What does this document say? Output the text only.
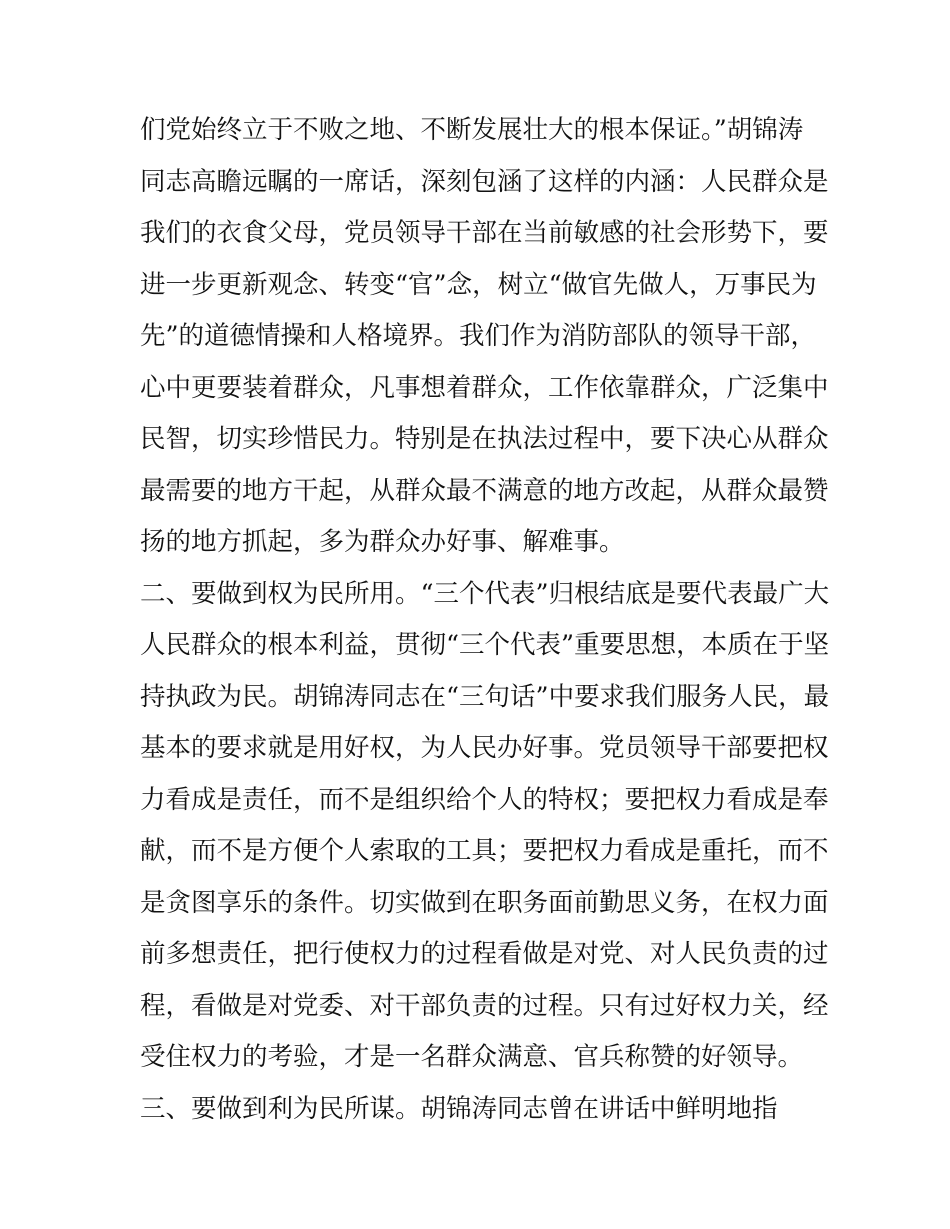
们党始终立于不败之地、不断发展壮大的根本保证。”胡锦涛
同志高瞻远瞩的一席话，深刻包涵了这样的内涵：人民群众是
我们的衣食父母，党员领导干部在当前敏感的社会形势下，要
进一步更新观念、转变“官”念，树立“做官先做人，万事民为
先”的道德情操和人格境界。我们作为消防部队的领导干部，
心中更要装着群众，凡事想着群众，工作依靠群众，广泛集中
民智，切实珍惜民力。特别是在执法过程中，要下决心从群众
最需要的地方干起，从群众最不满意的地方改起，从群众最赞
扬的地方抓起，多为群众办好事、解难事。
二、要做到权为民所用。“三个代表”归根结底是要代表最广大
人民群众的根本利益，贯彻“三个代表”重要思想，本质在于坚
持执政为民。胡锦涛同志在“三句话”中要求我们服务人民，最
基本的要求就是用好权，为人民办好事。党员领导干部要把权
力看成是责任，而不是组织给个人的特权；要把权力看成是奉
献，而不是方便个人索取的工具；要把权力看成是重托，而不
是贪图享乐的条件。切实做到在职务面前勤思义务，在权力面
前多想责任，把行使权力的过程看做是对党、对人民负责的过
程，看做是对党委、对干部负责的过程。只有过好权力关，经
受住权力的考验，才是一名群众满意、官兵称赞的好领导。
三、要做到利为民所谋。胡锦涛同志曾在讲话中鲜明地指
